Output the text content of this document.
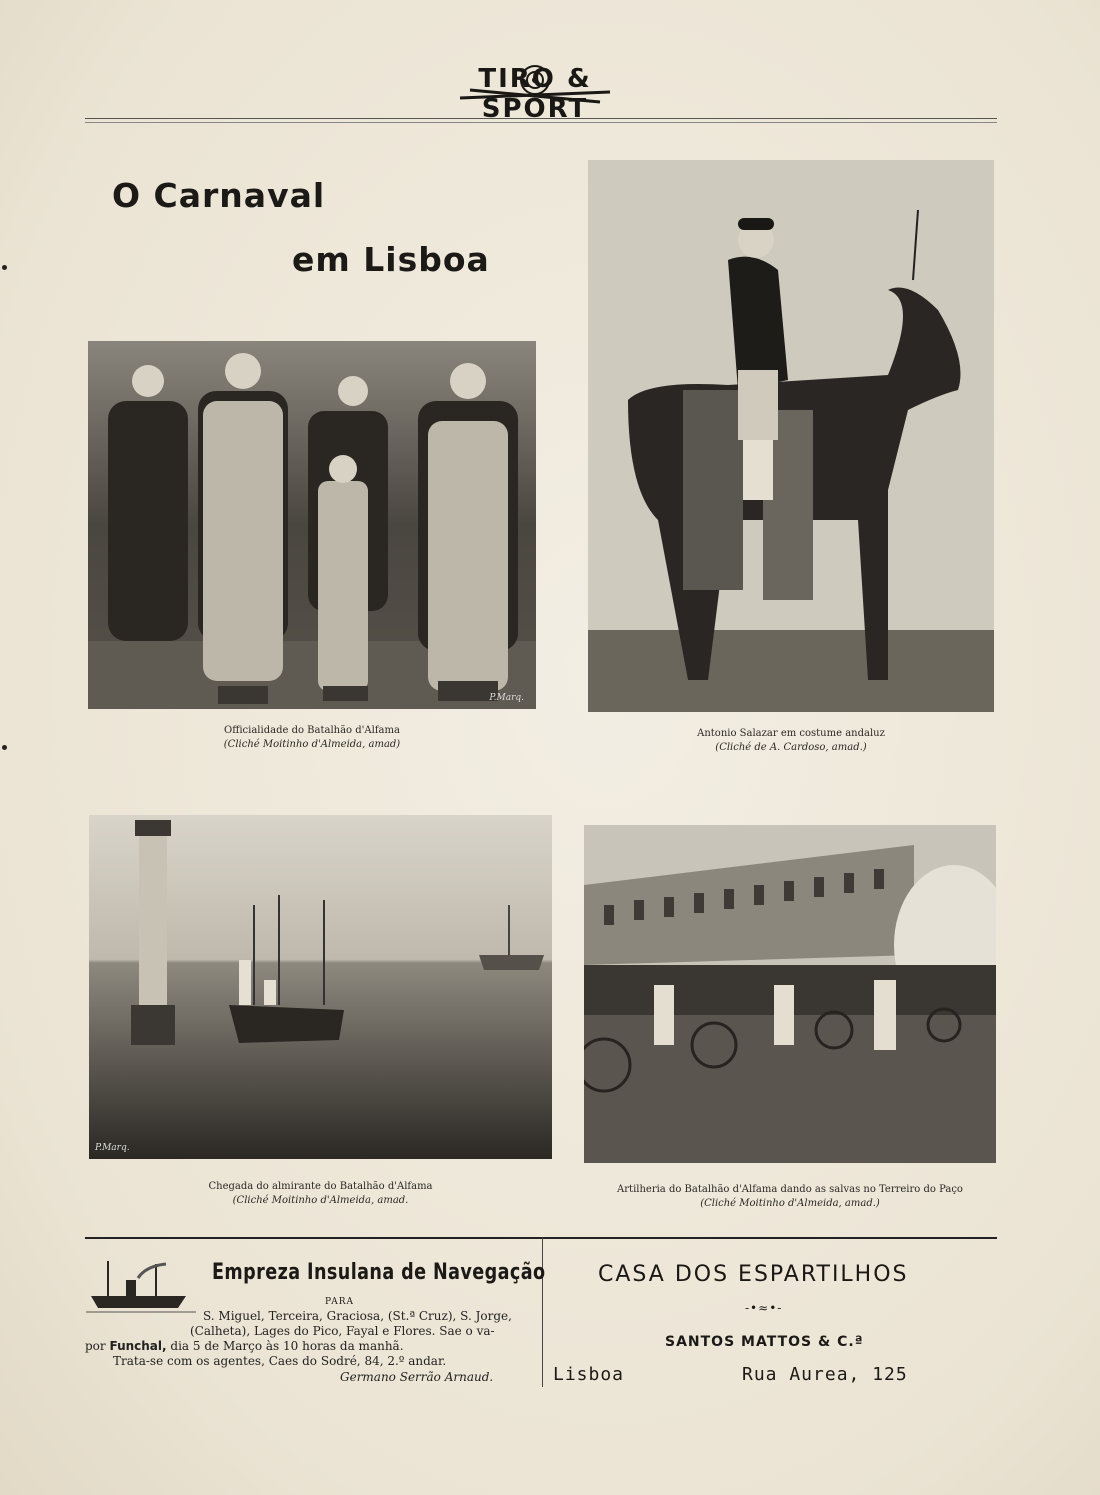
TIRO & SPORT
O Carnaval
em Lisboa
P.Marq.
Officialidade do Batalhão d'Alfama
(Cliché Moitinho d'Almeida, amad)
Antonio Salazar em costume andaluz
(Cliché de A. Cardoso, amad.)
P.Marq.
Chegada do almirante do Batalhão d'Alfama
(Cliché Moitinho d'Almeida, amad.
Artilheria do Batalhão d'Alfama dando as salvas no Terreiro do Paço
(Cliché Moitinho d'Almeida, amad.)
Empreza Insulana de Navegação
PARA
S. Miguel, Terceira, Graciosa, (St.ª Cruz), S. Jorge,
(Calheta), Lages do Pico, Fayal e Flores. Sae o va-
por Funchal, dia 5 de Março às 10 horas da manhã.
Trata-se com os agentes, Caes do Sodré, 84, 2.º andar.
Germano Serrão Arnaud.
CASA DOS ESPARTILHOS
-•≈•-
SANTOS MATTOS & C.ª
Lisboa	Rua Aurea, 125
